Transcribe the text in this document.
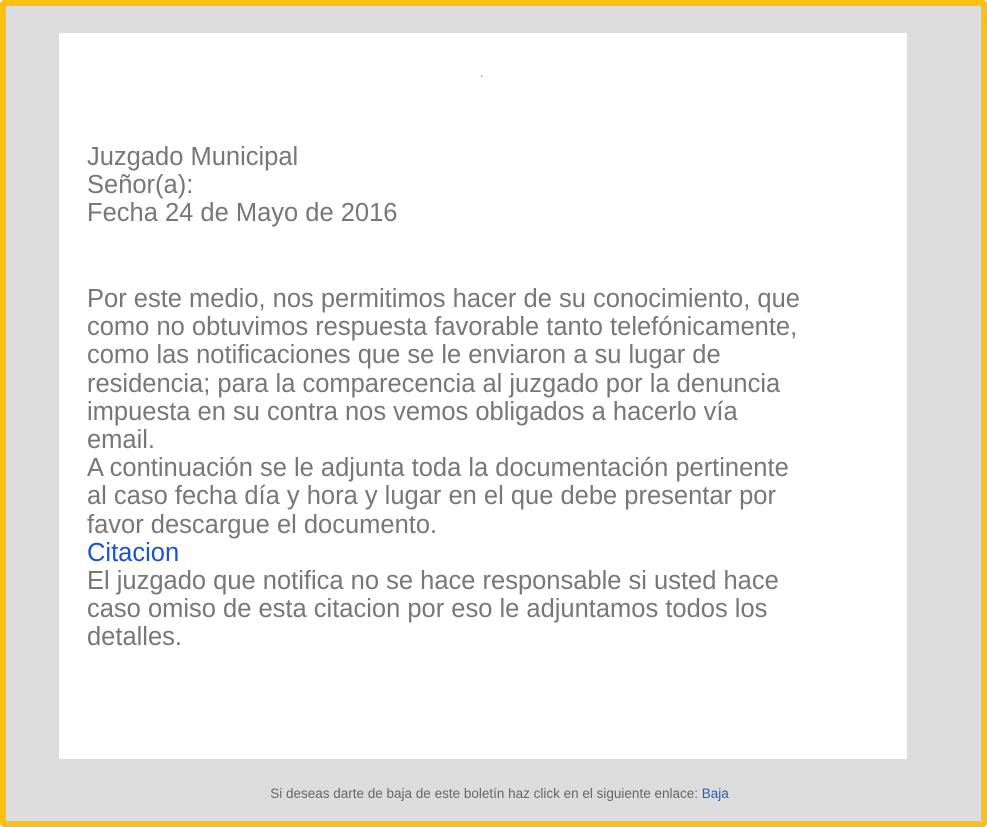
.
Juzgado Municipal
Señor(a):
Fecha 24 de Mayo de 2016
Por este medio, nos permitimos hacer de su conocimiento, que
como no obtuvimos respuesta favorable tanto telefónicamente,
como las notificaciones que se le enviaron a su lugar de
residencia; para la comparecencia al juzgado por la denuncia
impuesta en su contra nos vemos obligados a hacerlo vía
email.
A continuación se le adjunta toda la documentación pertinente
al caso fecha día y hora y lugar en el que debe presentar por
favor descargue el documento.
Citacion
El juzgado que notifica no se hace responsable si usted hace
caso omiso de esta citacion por eso le adjuntamos todos los
detalles.
Si deseas darte de baja de este boletín haz click en el siguiente enlace: Baja
